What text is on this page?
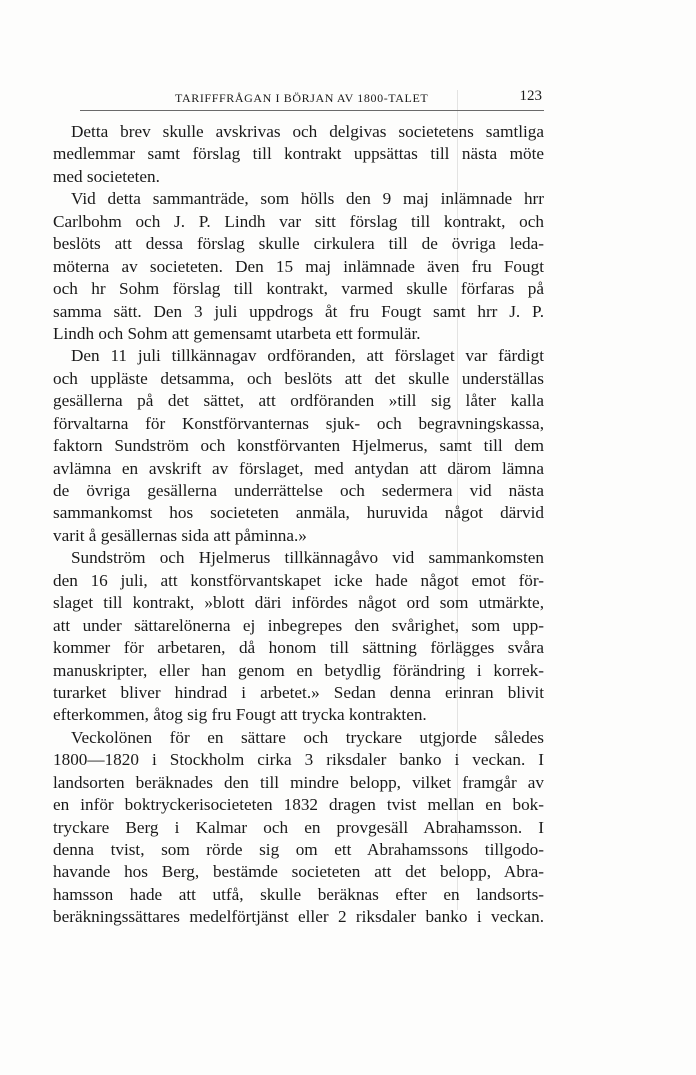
TARIFFFRÅGAN I BÖRJAN AV 1800-TALET	123
Detta brev skulle avskrivas och delgivas societetens samtliga
medlemmar samt förslag till kontrakt uppsättas till nästa möte
med societeten.
Vid detta sammanträde, som hölls den 9 maj inlämnade hrr
Carlbohm och J. P. Lindh var sitt förslag till kontrakt, och
beslöts att dessa förslag skulle cirkulera till de övriga leda-
möterna av societeten. Den 15 maj inlämnade även fru Fougt
och hr Sohm förslag till kontrakt, varmed skulle förfaras på
samma sätt. Den 3 juli uppdrogs åt fru Fougt samt hrr J. P.
Lindh och Sohm att gemensamt utarbeta ett formulär.
Den 11 juli tillkännagav ordföranden, att förslaget var färdigt
och uppläste detsamma, och beslöts att det skulle underställas
gesällerna på det sättet, att ordföranden »till sig låter kalla
förvaltarna för Konstförvanternas sjuk- och begravningskassa,
faktorn Sundström och konstförvanten Hjelmerus, samt till dem
avlämna en avskrift av förslaget, med antydan att därom lämna
de övriga gesällerna underrättelse och sedermera vid nästa
sammankomst hos societeten anmäla, huruvida något därvid
varit å gesällernas sida att påminna.»
Sundström och Hjelmerus tillkännagåvo vid sammankomsten
den 16 juli, att konstförvantskapet icke hade något emot för-
slaget till kontrakt, »blott däri infördes något ord som utmärkte,
att under sättarelönerna ej inbegrepes den svårighet, som upp-
kommer för arbetaren, då honom till sättning förlägges svåra
manuskripter, eller han genom en betydlig förändring i korrek-
turarket bliver hindrad i arbetet.» Sedan denna erinran blivit
efterkommen, åtog sig fru Fougt att trycka kontrakten.
Veckolönen för en sättare och tryckare utgjorde således
1800—1820 i Stockholm cirka 3 riksdaler banko i veckan. I
landsorten beräknades den till mindre belopp, vilket framgår av
en inför boktryckerisocieteten 1832 dragen tvist mellan en bok-
tryckare Berg i Kalmar och en provgesäll Abrahamsson. I
denna tvist, som rörde sig om ett Abrahamssons tillgodo-
havande hos Berg, bestämde societeten att det belopp, Abra-
hamsson hade att utfå, skulle beräknas efter en landsorts-
beräkningssättares medelförtjänst eller 2 riksdaler banko i veckan.
